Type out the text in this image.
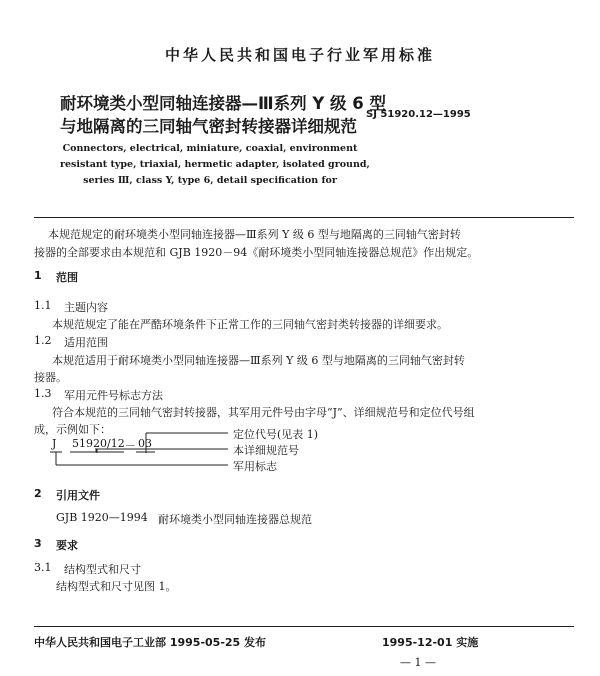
中华人民共和国电子行业军用标准
耐环境类小型同轴连接器—Ⅲ系列 Y 级 6 型
与地隔离的三同轴气密封转接器详细规范
SJ 51920.12—1995
Connectors, electrical, miniature, coaxial, environment
resistant type, triaxial, hermetic adapter, isolated ground,
series Ⅲ, class Y, type 6, detail specification for
本规范规定的耐环境类小型同轴连接器—Ⅲ系列 Y 级 6 型与地隔离的三同轴气密封转
接器的全部要求由本规范和 GJB 1920－94《耐环境类小型同轴连接器总规范》作出规定。
1 范围
1.1 主题内容
本规范规定了能在严酷环境条件下正常工作的三同轴气密封类转接器的详细要求。
1.2 适用范围
本规范适用于耐环境类小型同轴连接器—Ⅲ系列 Y 级 6 型与地隔离的三同轴气密封转
接器。
1.3 军用元件号标志方法
符合本规范的三同轴气密封转接器，其军用元件号由字母“J”、详细规范号和定位代号组
成，示例如下：
J 51920/12 － 03
定位代号(见表 1)
本详细规范号
军用标志
2 引用文件
GJB 1920—1994 耐环境类小型同轴连接器总规范
3 要求
3.1 结构型式和尺寸
结构型式和尺寸见图 1。
中华人民共和国电子工业部 1995-05-25 发布	1995-12-01 实施
— 1 —
